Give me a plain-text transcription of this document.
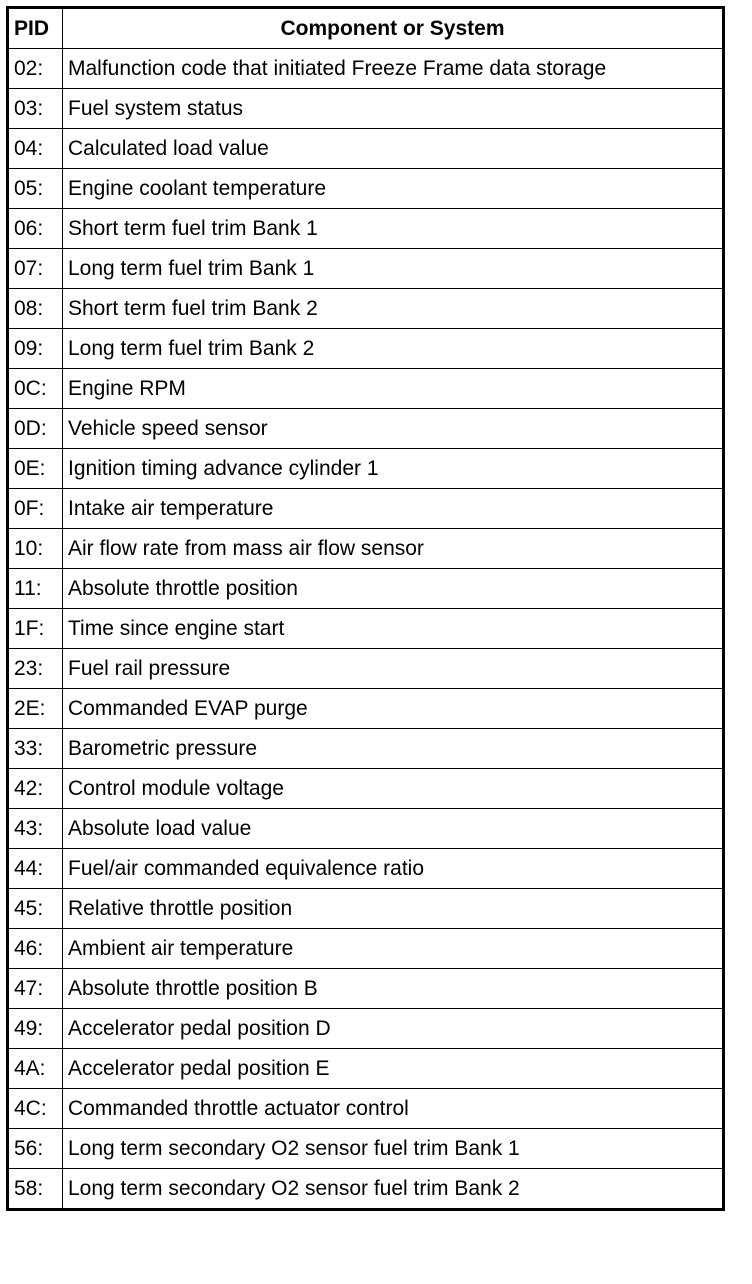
PID	Component or System
02:	Malfunction code that initiated Freeze Frame data storage
03:	Fuel system status
04:	Calculated load value
05:	Engine coolant temperature
06:	Short term fuel trim Bank 1
07:	Long term fuel trim Bank 1
08:	Short term fuel trim Bank 2
09:	Long term fuel trim Bank 2
0C:	Engine RPM
0D:	Vehicle speed sensor
0E:	Ignition timing advance cylinder 1
0F:	Intake air temperature
10:	Air flow rate from mass air flow sensor
11:	Absolute throttle position
1F:	Time since engine start
23:	Fuel rail pressure
2E:	Commanded EVAP purge
33:	Barometric pressure
42:	Control module voltage
43:	Absolute load value
44:	Fuel/air commanded equivalence ratio
45:	Relative throttle position
46:	Ambient air temperature
47:	Absolute throttle position B
49:	Accelerator pedal position D
4A:	Accelerator pedal position E
4C:	Commanded throttle actuator control
56:	Long term secondary O2 sensor fuel trim Bank 1
58:	Long term secondary O2 sensor fuel trim Bank 2
